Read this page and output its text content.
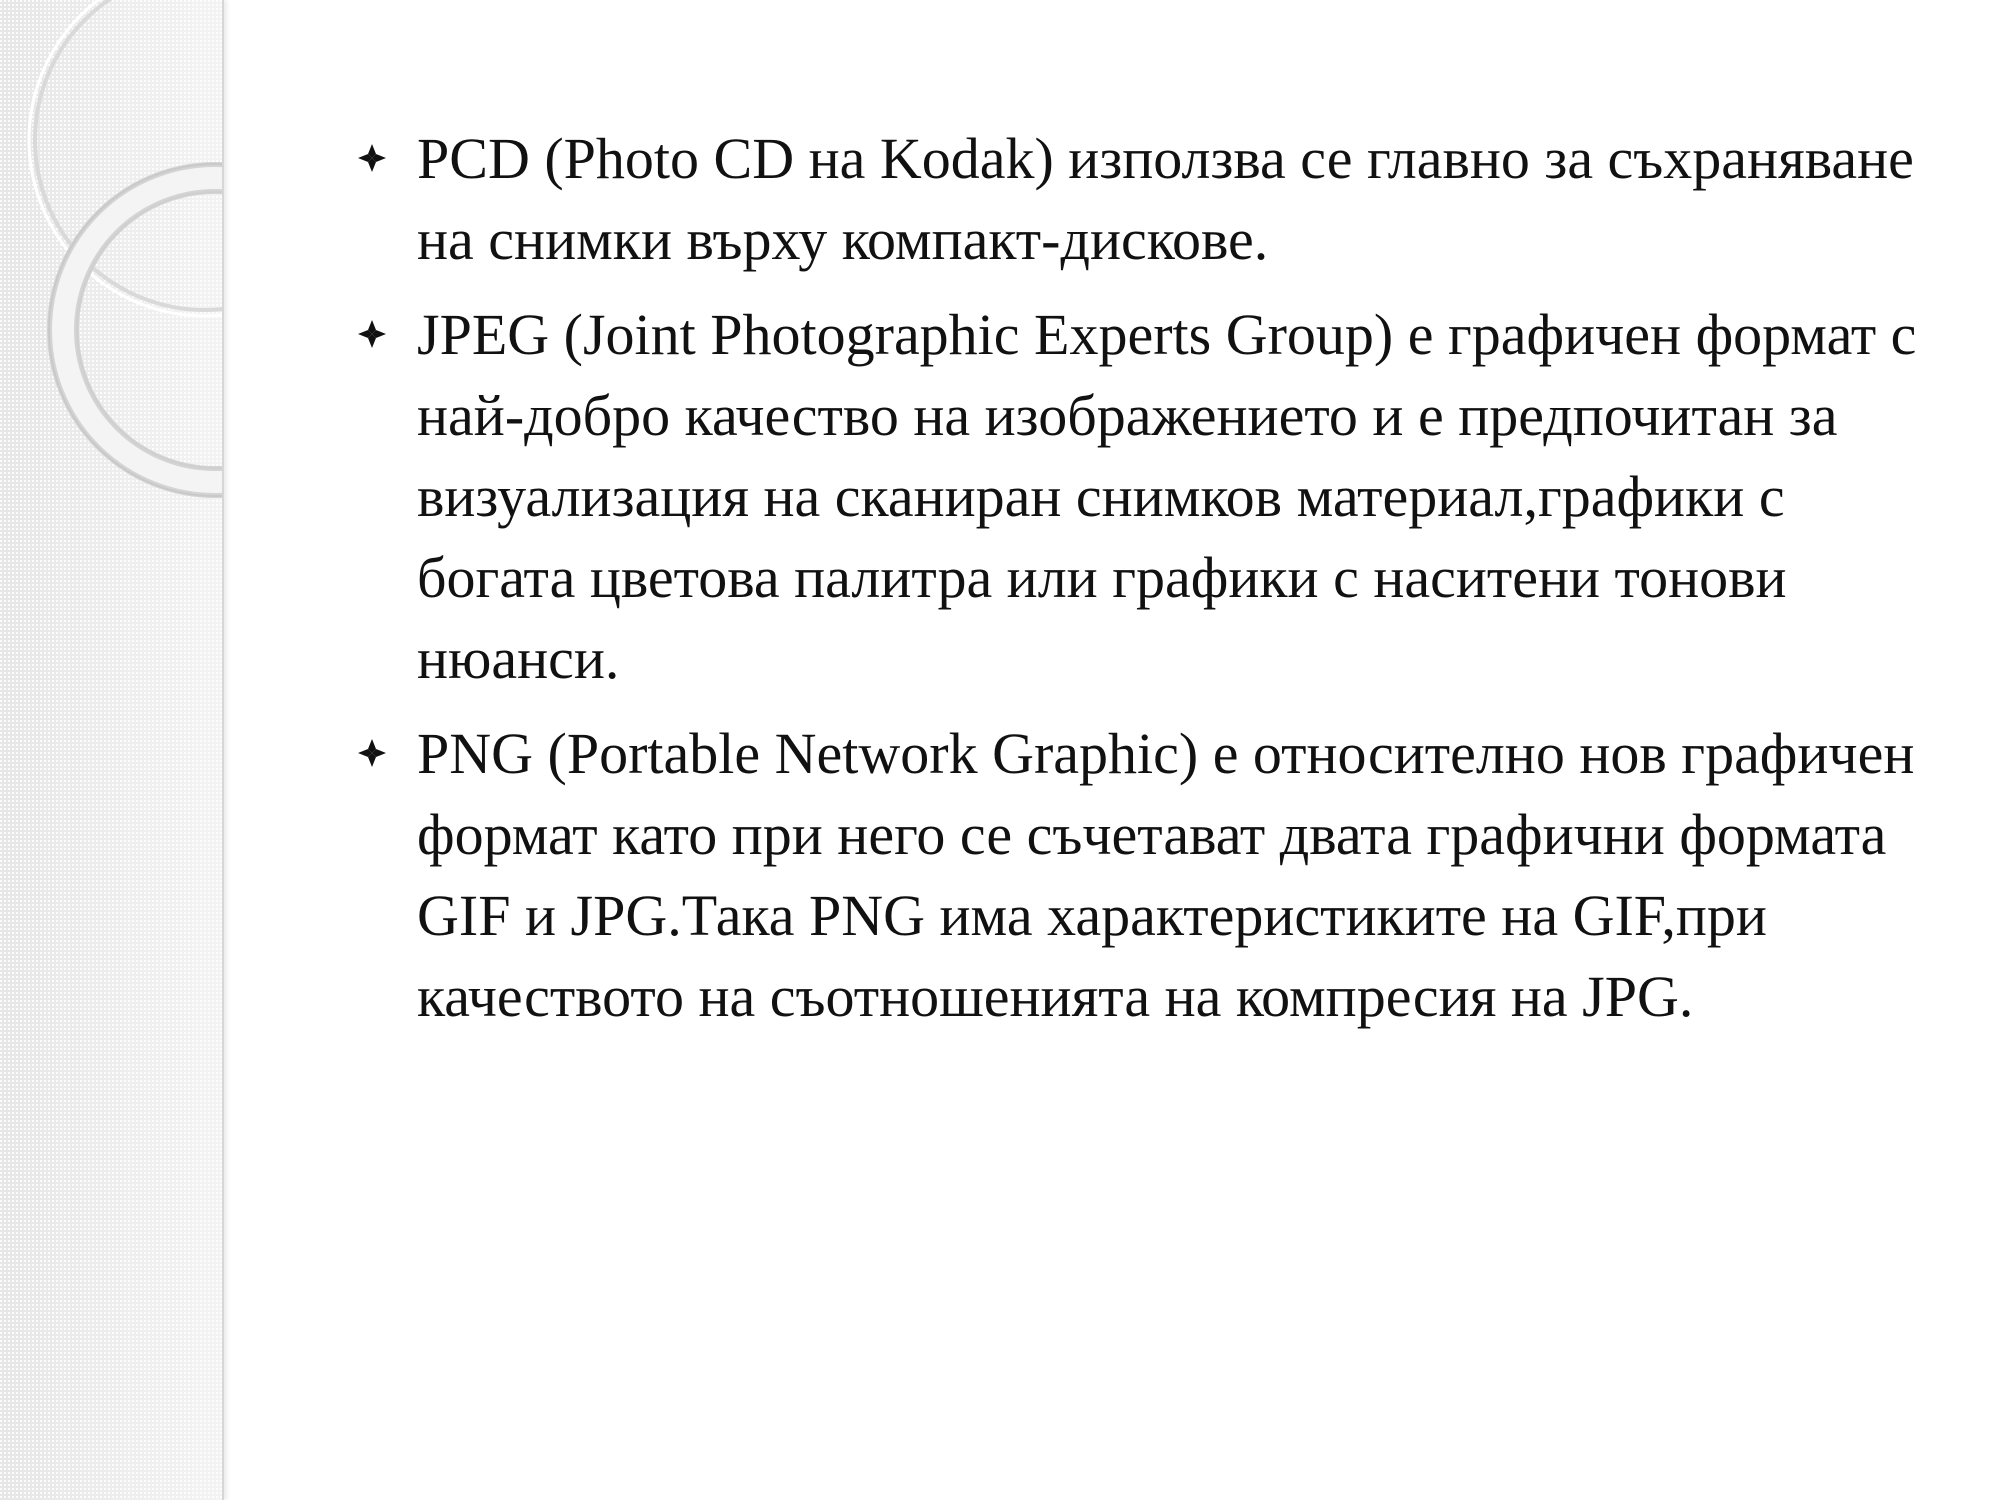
PCD (Photo CD на Kodak) използва се главно за съхраняване на снимки върху компакт-дискове.
JPEG (Joint Photographic Experts Group) е графичен формат с най-добро качество на изображението и е предпочитан за визуализация на сканиран снимков материал,графики с богата цветова палитра или графики с наситени тонови нюанси.
PNG (Portable Network Graphic) е относително нов графичен формат като при него се съчетават двата графични формата GIF и JPG.Така PNG има характеристиките на GIF,при качеството на съотношенията на компресия на JPG.
